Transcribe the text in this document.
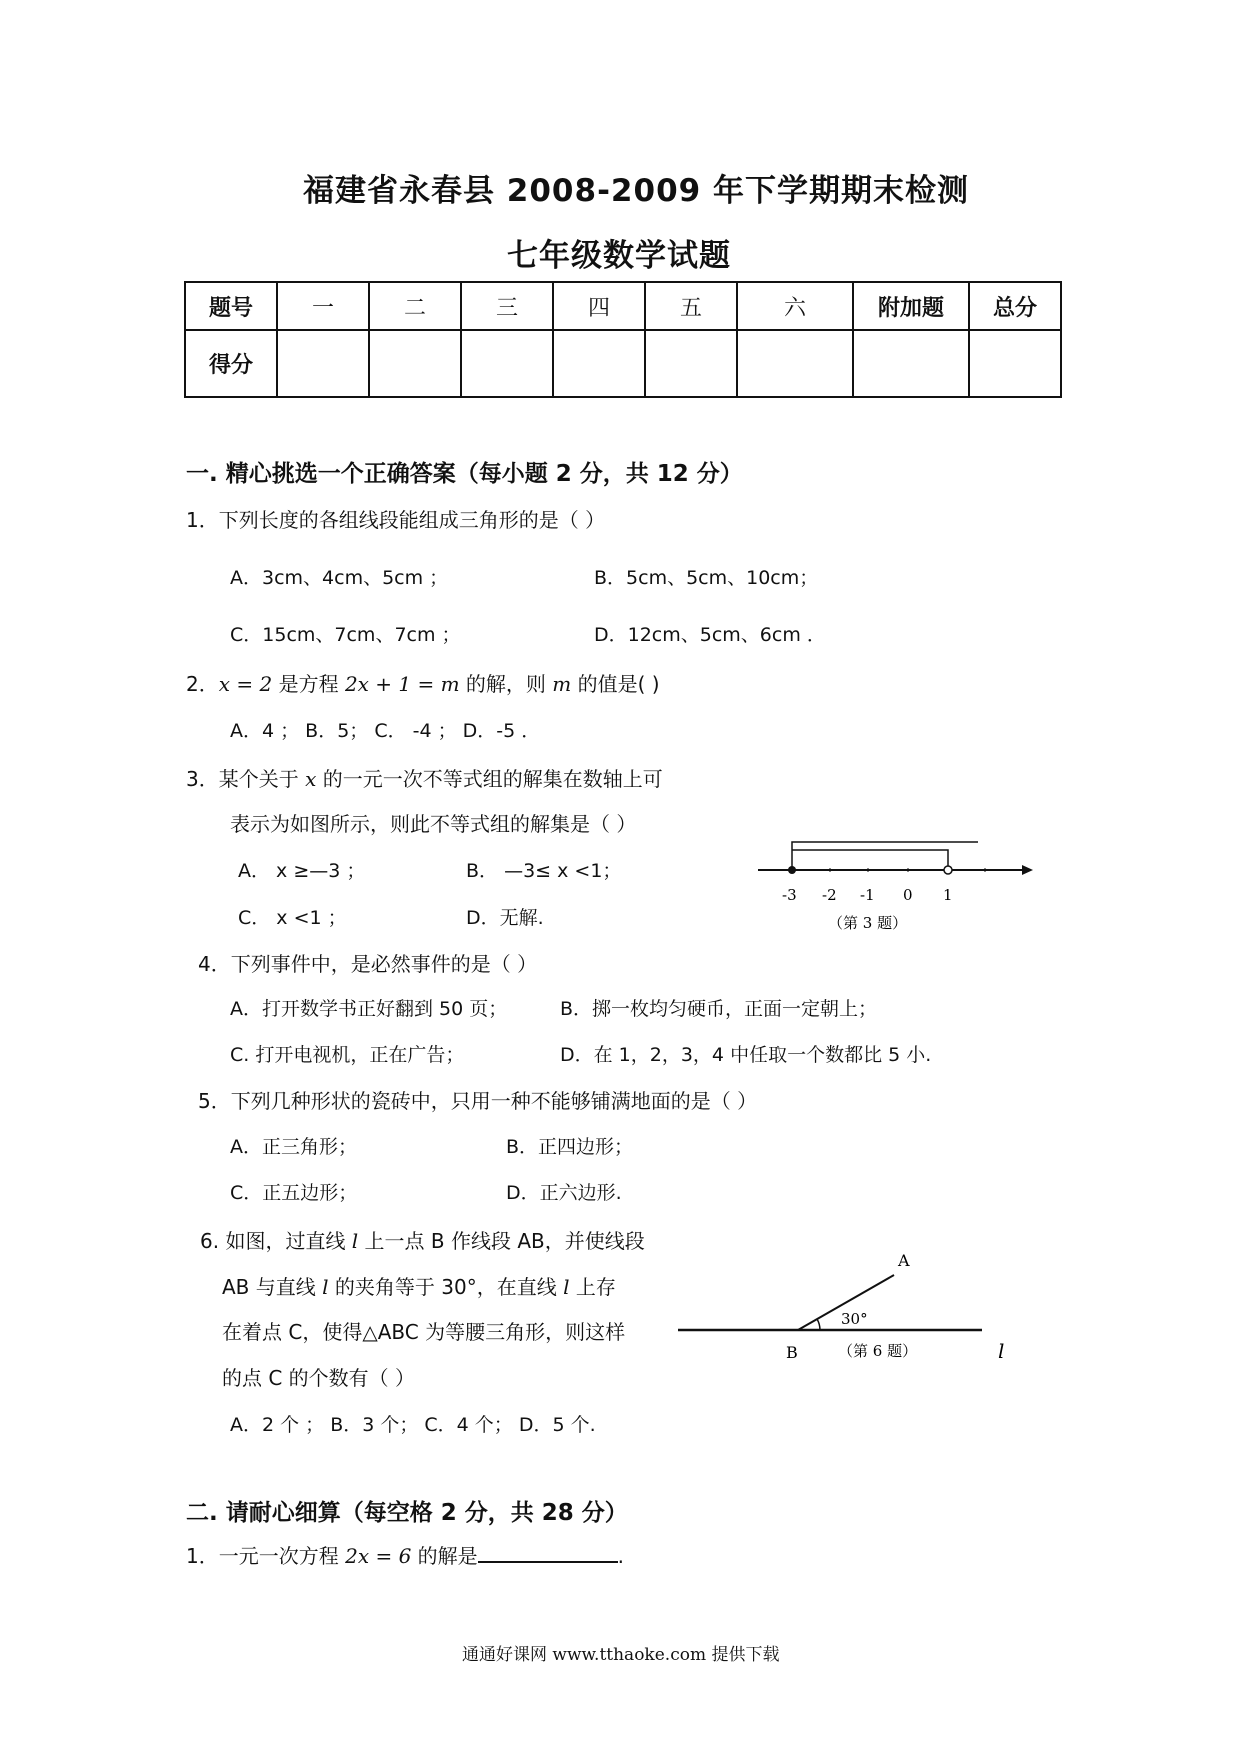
福建省永春县 2008-2009 年下学期期末检测
七年级数学试题
题号	一	二	三	四	五	六	附加题	总分
得分								
一. 精心挑选一个正确答案（每小题 2 分，共 12 分）
1．下列长度的各组线段能组成三角形的是（ ）
A．3cm、4cm、5cm ；	B．5cm、5cm、10cm；
C．15cm、7cm、7cm ；	D．12cm、5cm、6cm ．
2．x = 2 是方程 2x + 1 = m 的解，则 m 的值是( )
A．4 ； B．5； C． -4 ； D．-5 ．
3．某个关于 x 的一元一次不等式组的解集在数轴上可
表示为如图所示，则此不等式组的解集是（ ）
A． x ≥—3 ；	B． —3≤ x <1；
C． x <1 ；	D．无解.
-3 -2 -1 0 1
（第 3 题）
4．下列事件中，是必然事件的是（ ）
A．打开数学书正好翻到 50 页；	B．掷一枚均匀硬币，正面一定朝上；
C. 打开电视机，正在广告；	D．在 1，2，3，4 中任取一个数都比 5 小.
5．下列几种形状的瓷砖中，只用一种不能够铺满地面的是（ ）
A．正三角形；	B．正四边形；
C．正五边形；	D．正六边形.
6. 如图，过直线 l 上一点 B 作线段 AB，并使线段
AB 与直线 l 的夹角等于 30°，在直线 l 上存
在着点 C，使得△ABC 为等腰三角形，则这样
的点 C 的个数有（ ）
A．2 个 ； B．3 个； C．4 个； D．5 个.
A
B	l
30°
（第 6 题）
二. 请耐心细算（每空格 2 分，共 28 分）
1．一元一次方程 2x = 6 的解是	.
通通好课网 www.tthaoke.com 提供下载
